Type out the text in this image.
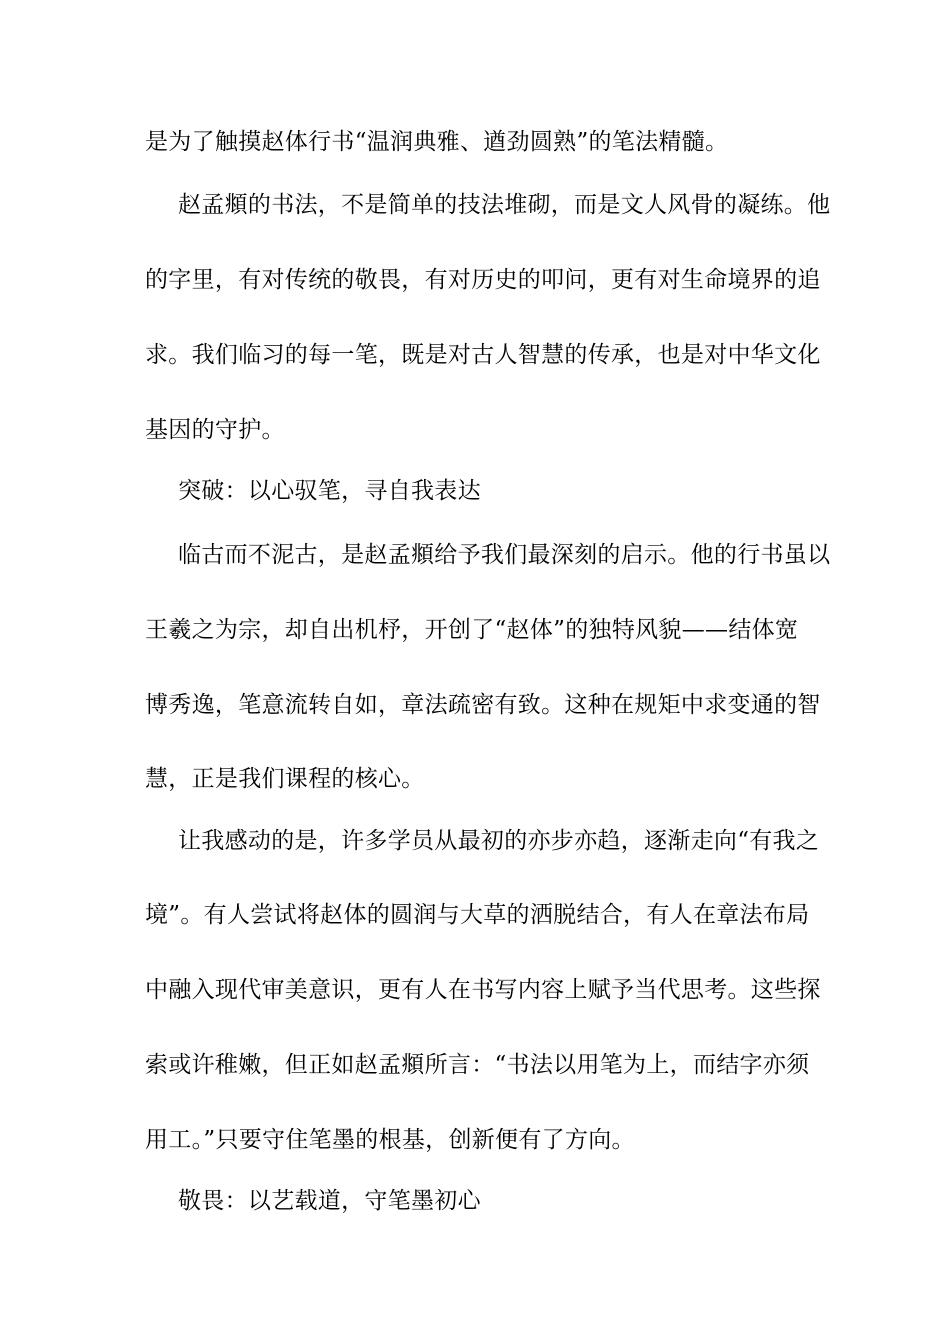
是为了触摸赵体行书“温润典雅、遒劲圆熟”的笔法精髓。
赵孟頫的书法，不是简单的技法堆砌，而是文人风骨的凝练。他
的字里，有对传统的敬畏，有对历史的叩问，更有对生命境界的追
求。我们临习的每一笔，既是对古人智慧的传承，也是对中华文化
基因的守护。
突破：以心驭笔，寻自我表达
临古而不泥古，是赵孟頫给予我们最深刻的启示。他的行书虽以
王羲之为宗，却自出机杼，开创了“赵体”的独特风貌——结体宽
博秀逸，笔意流转自如，章法疏密有致。这种在规矩中求变通的智
慧，正是我们课程的核心。
让我感动的是，许多学员从最初的亦步亦趋，逐渐走向“有我之
境”。有人尝试将赵体的圆润与大草的洒脱结合，有人在章法布局
中融入现代审美意识，更有人在书写内容上赋予当代思考。这些探
索或许稚嫩，但正如赵孟頫所言：“书法以用笔为上，而结字亦须
用工。”只要守住笔墨的根基，创新便有了方向。
敬畏：以艺载道，守笔墨初心
